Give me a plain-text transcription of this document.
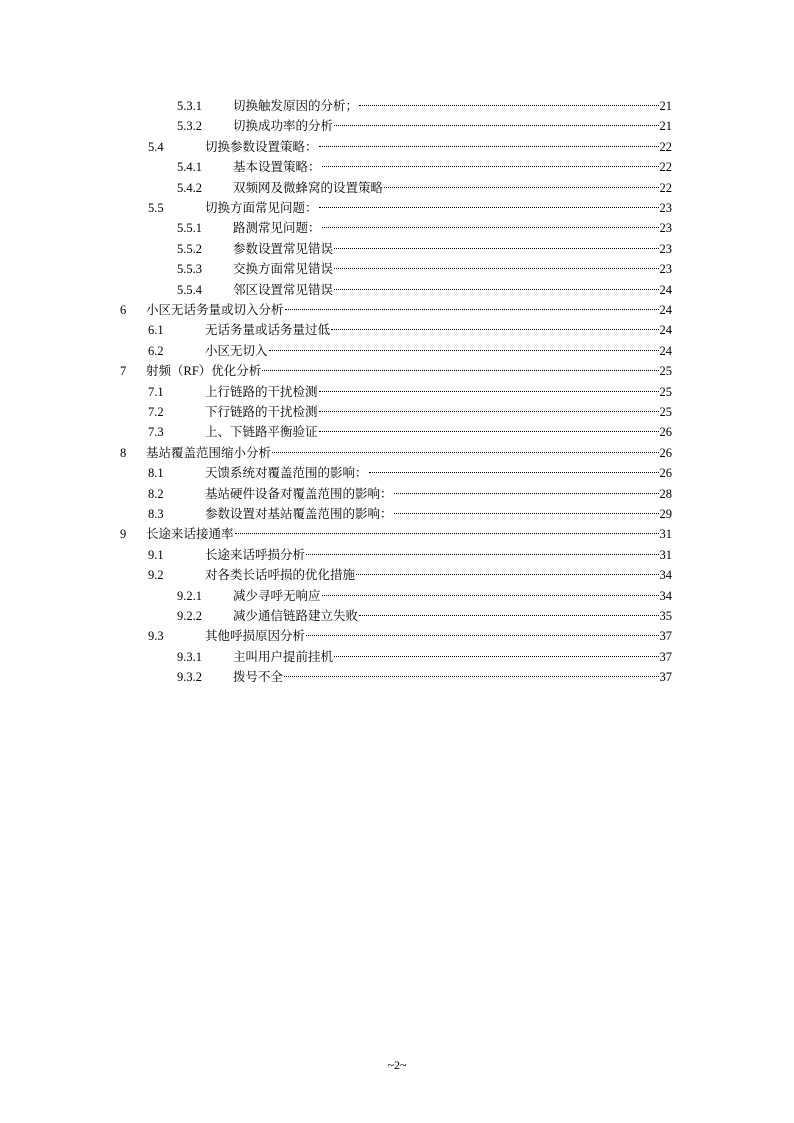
5.3.1 切换触发原因的分析；	21
5.3.2 切换成功率的分析	21
5.4	切换参数设置策略：	22
5.4.1 基本设置策略：	22
5.4.2 双频网及微蜂窝的设置策略	22
5.5	切换方面常见问题：	23
5.5.1 路测常见问题：	23
5.5.2 参数设置常见错误	23
5.5.3 交换方面常见错误	23
5.5.4 邻区设置常见错误	24
6 小区无话务量或切入分析	24
6.1	无话务量或话务量过低	24
6.2	小区无切入	24
7 射频（RF）优化分析	25
7.1	上行链路的干扰检测	25
7.2	下行链路的干扰检测	25
7.3	上、下链路平衡验证	26
8 基站覆盖范围缩小分析	26
8.1	天馈系统对覆盖范围的影响：	26
8.2	基站硬件设备对覆盖范围的影响：	28
8.3	参数设置对基站覆盖范围的影响：	29
9 长途来话接通率	31
9.1	长途来话呼损分析	31
9.2	对各类长话呼损的优化措施	34
9.2.1 减少寻呼无响应	34
9.2.2 减少通信链路建立失败	35
9.3	其他呼损原因分析	37
9.3.1 主叫用户提前挂机	37
9.3.2 拨号不全	37
~2~
